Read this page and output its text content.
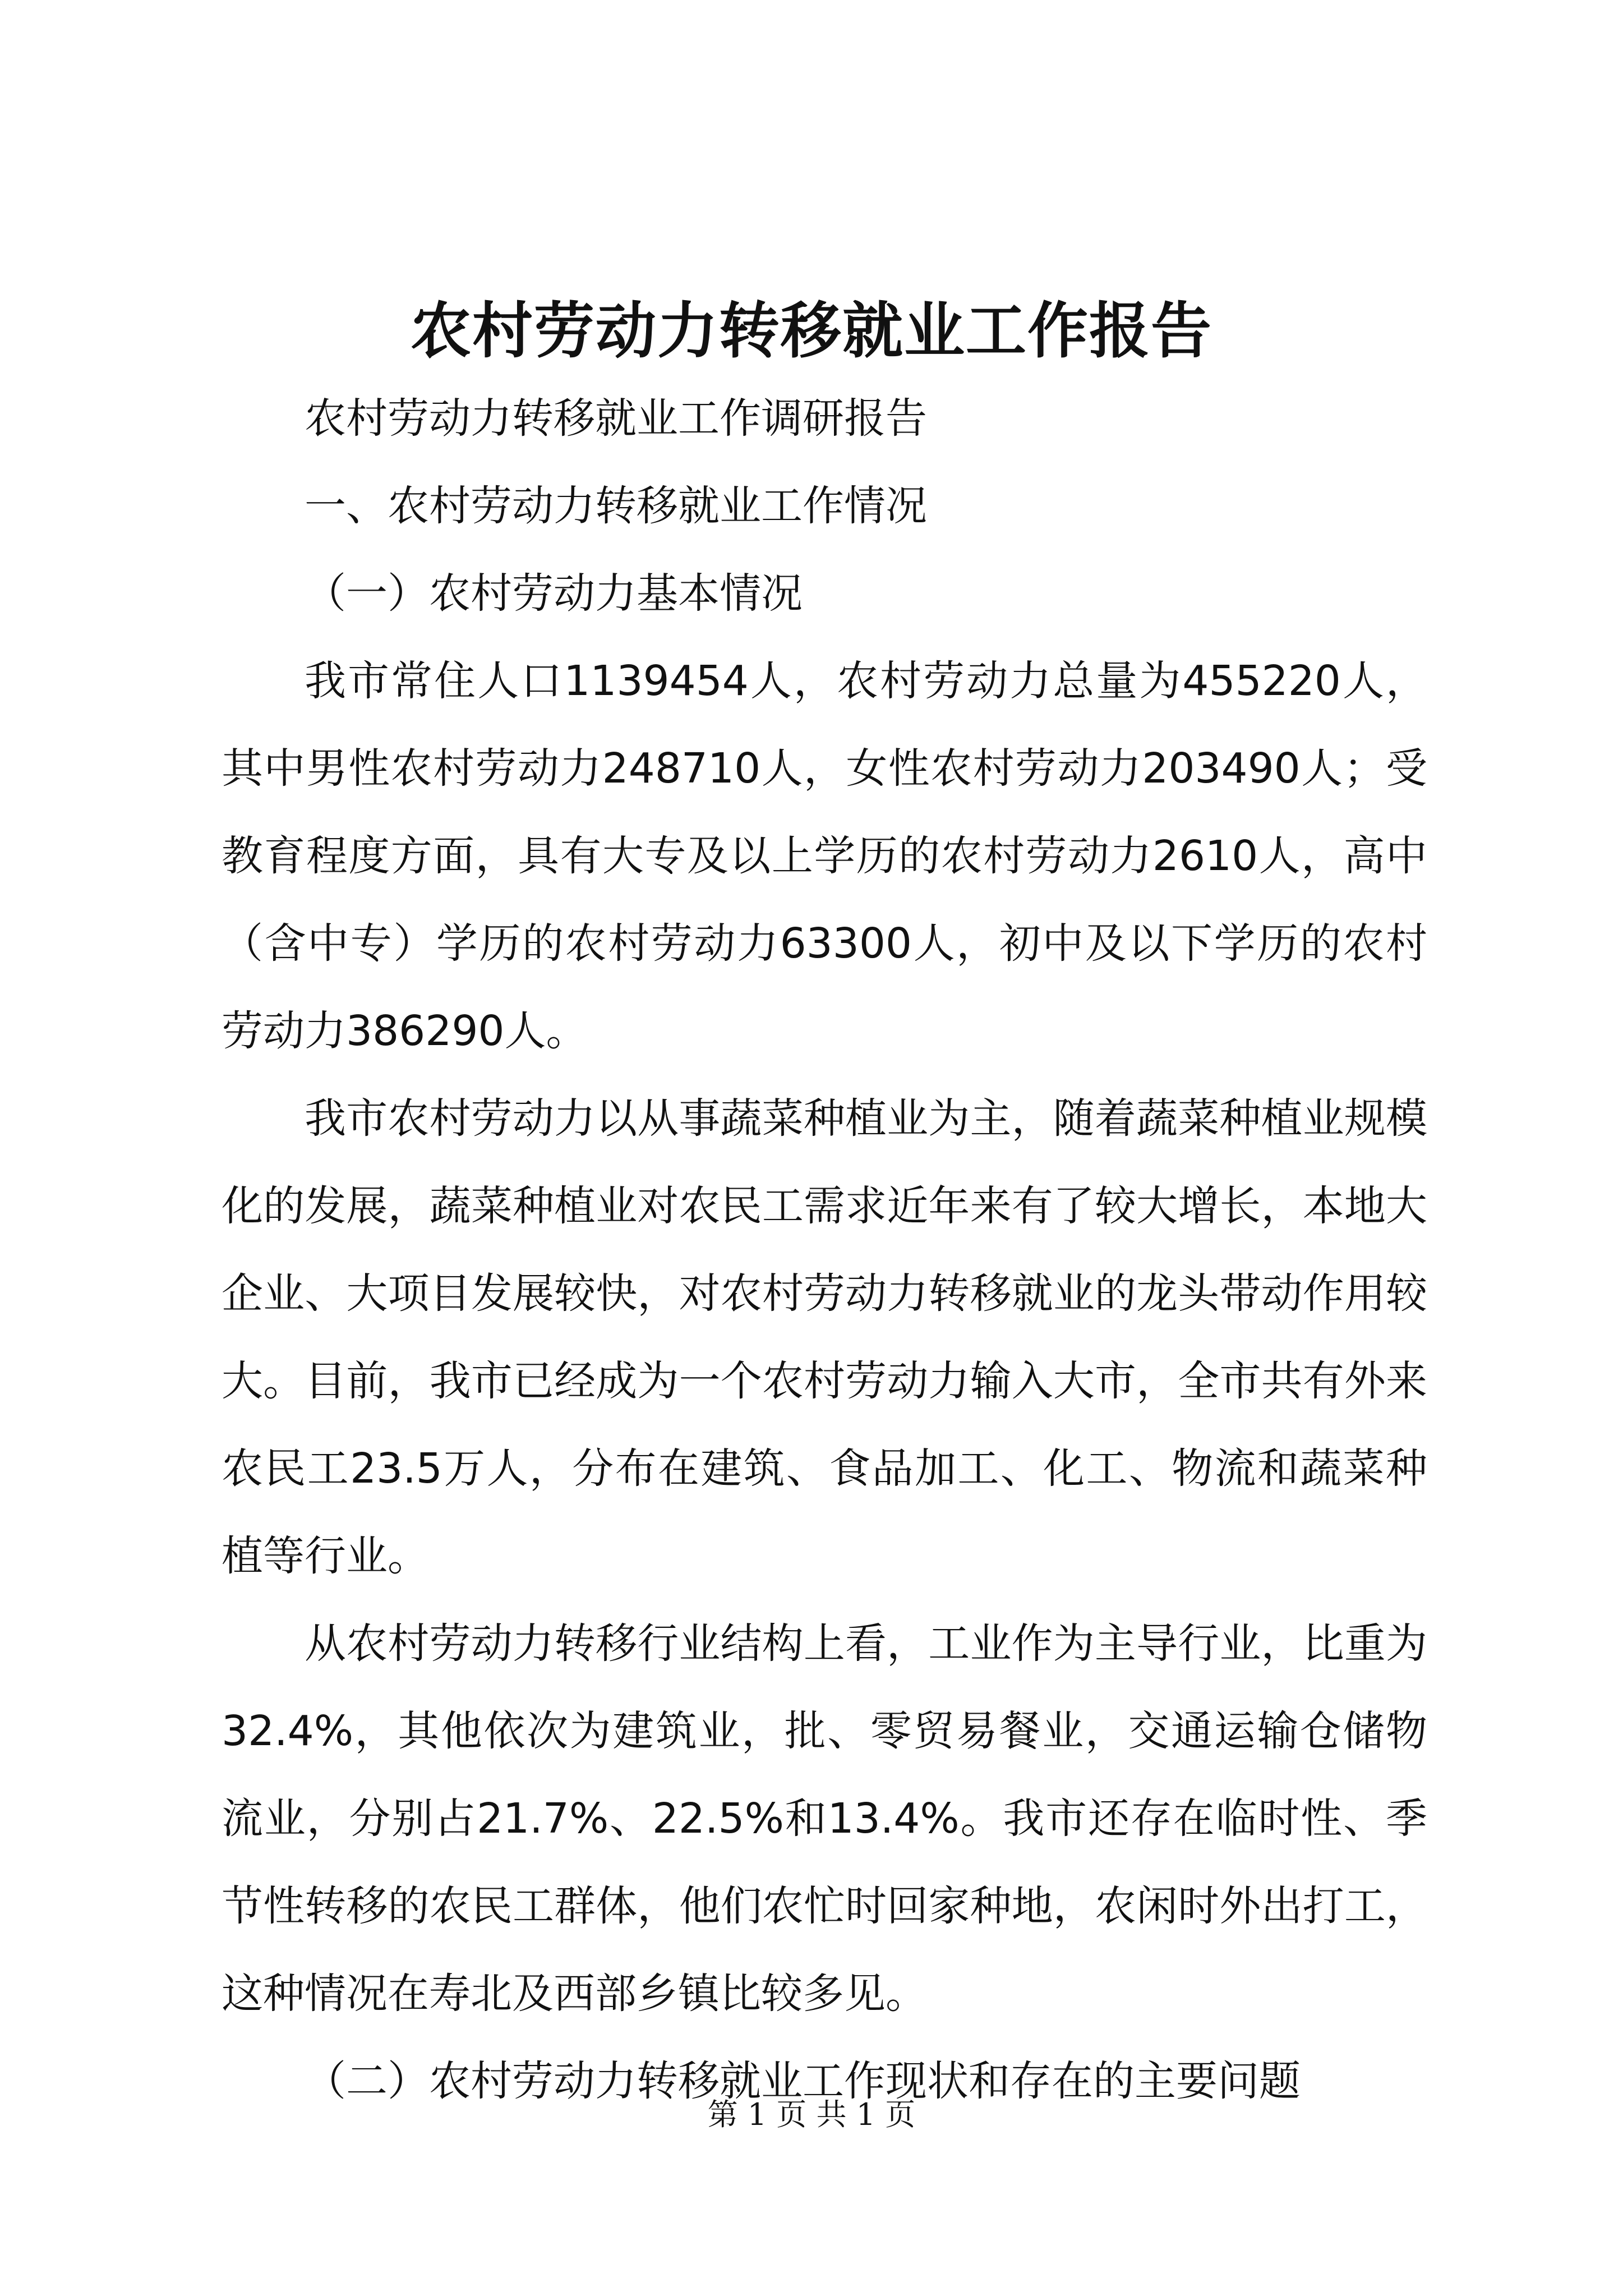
农村劳动力转移就业工作报告

农村劳动力转移就业工作调研报告

一、农村劳动力转移就业工作情况

（一）农村劳动力基本情况

我市常住人口1139454人，农村劳动力总量为455220人，其中男性农村劳动力248710人，女性农村劳动力203490人；受教育程度方面，具有大专及以上学历的农村劳动力2610人，高中（含中专）学历的农村劳动力63300人，初中及以下学历的农村劳动力386290人。

我市农村劳动力以从事蔬菜种植业为主，随着蔬菜种植业规模化的发展，蔬菜种植业对农民工需求近年来有了较大增长，本地大企业、大项目发展较快，对农村劳动力转移就业的龙头带动作用较大。目前，我市已经成为一个农村劳动力输入大市，全市共有外来农民工23.5万人，分布在建筑、食品加工、化工、物流和蔬菜种植等行业。

从农村劳动力转移行业结构上看，工业作为主导行业，比重为32.4%，其他依次为建筑业，批、零贸易餐业，交通运输仓储物流业，分别占21.7%、22.5%和13.4%。我市还存在临时性、季节性转移的农民工群体，他们农忙时回家种地，农闲时外出打工，这种情况在寿北及西部乡镇比较多见。

（二）农村劳动力转移就业工作现状和存在的主要问题

第 1 页 共 1 页
